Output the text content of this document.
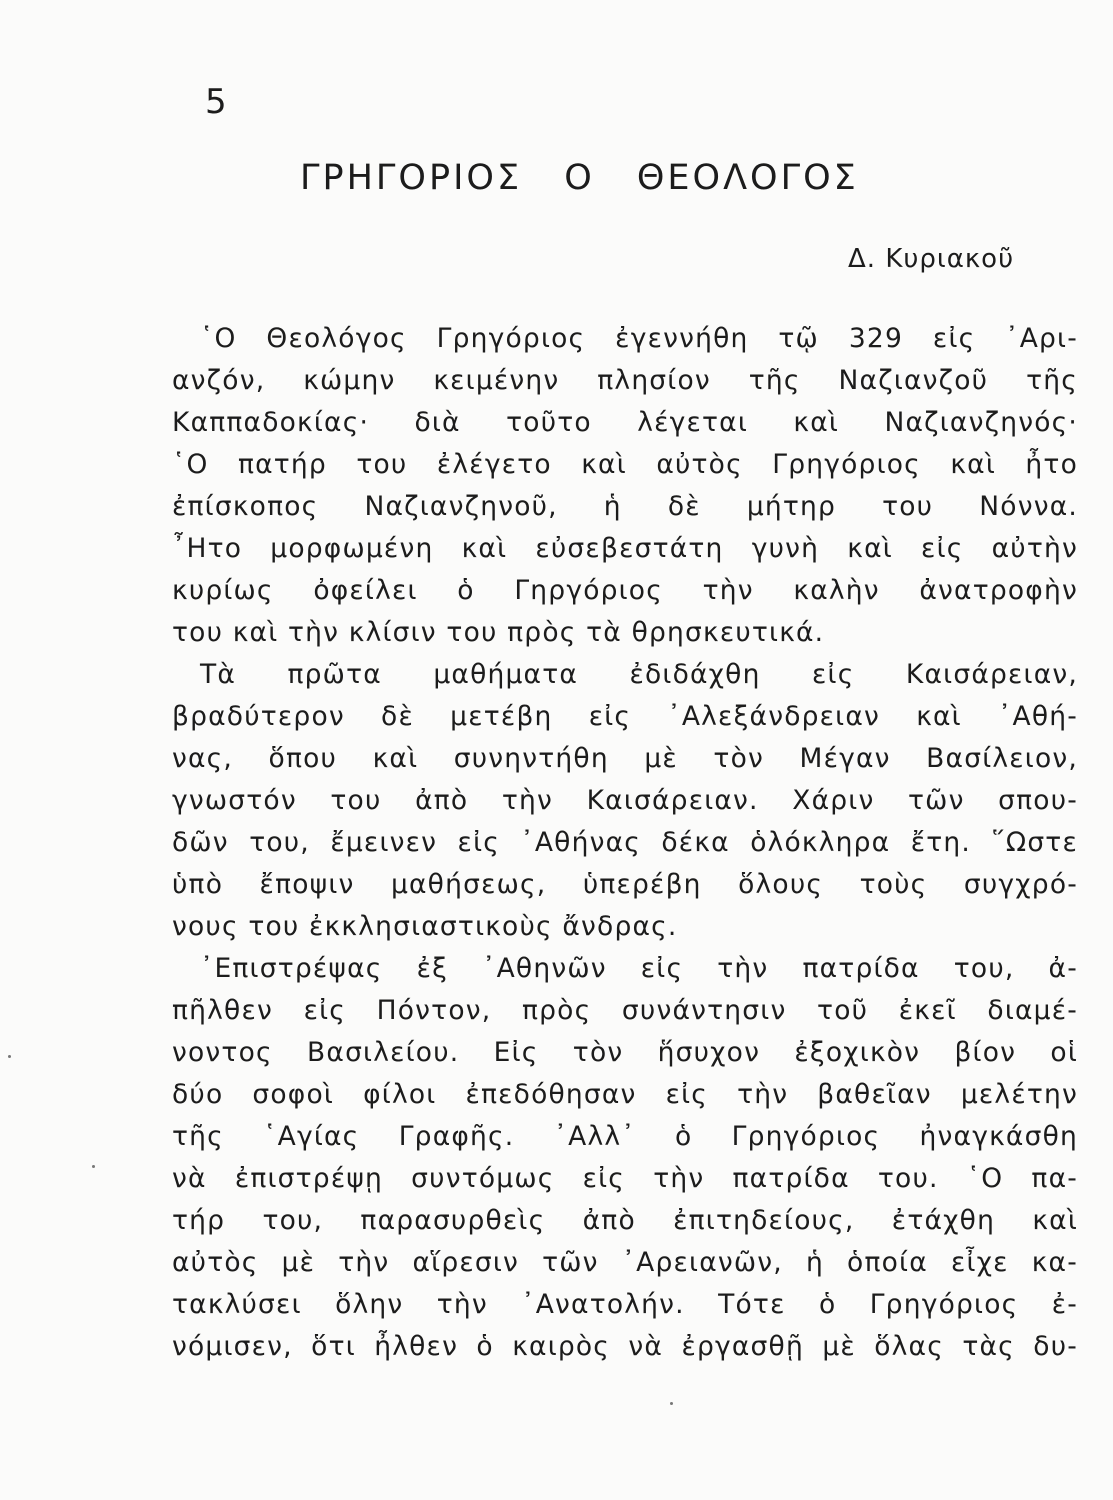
5
ΓΡΗΓΟΡΙΟΣ Ο ΘΕΟΛΟΓΟΣ
Δ. Κυριακοῦ
῾Ο Θεολόγος Γρηγόριος ἐγεννήθη τῷ 329 εἰς ᾿Αρι-
ανζόν, κώμην κειμένην πλησίον τῆς Ναζιανζοῦ τῆς
Καππαδοκίας· διὰ τοῦτο λέγεται καὶ Ναζιανζηνός·
῾Ο πατήρ του ἐλέγετο καὶ αὐτὸς Γρηγόριος καὶ ἦτο
ἐπίσκοπος Ναζιανζηνοῦ, ἡ δὲ μήτηρ του Νόννα.
῏Ητο μορφωμένη καὶ εὐσεβεστάτη γυνὴ καὶ εἰς αὐτὴν
κυρίως ὀφείλει ὁ Γηργόριος τὴν καλὴν ἀνατροφὴν
του καὶ τὴν κλίσιν του πρὸς τὰ θρησκευτικά.
Τὰ πρῶτα μαθήματα ἐδιδάχθη εἰς Καισάρειαν,
βραδύτερον δὲ μετέβη εἰς ᾿Αλεξάνδρειαν καὶ ᾿Αθή-
νας, ὅπου καὶ συνηντήθη μὲ τὸν Μέγαν Βασίλειον,
γνωστόν του ἀπὸ τὴν Καισάρειαν. Χάριν τῶν σπου-
δῶν του, ἔμεινεν εἰς ᾿Αθήνας δέκα ὁλόκληρα ἔτη. ῞Ωστε
ὑπὸ ἔποψιν μαθήσεως, ὑπερέβη ὅλους τοὺς συγχρό-
νους του ἐκκλησιαστικοὺς ἄνδρας.
᾿Επιστρέψας ἐξ ᾿Αθηνῶν εἰς τὴν πατρίδα του, ἀ-
πῆλθεν εἰς Πόντον, πρὸς συνάντησιν τοῦ ἐκεῖ διαμέ-
νοντος Βασιλείου. Εἰς τὸν ἥσυχον ἐξοχικὸν βίον οἱ
δύο σοφοὶ φίλοι ἐπεδόθησαν εἰς τὴν βαθεῖαν μελέτην
τῆς ῾Αγίας Γραφῆς. ᾿Αλλ᾿ ὁ Γρηγόριος ἠναγκάσθη
νὰ ἐπιστρέψῃ συντόμως εἰς τὴν πατρίδα του. ῾Ο πα-
τήρ του, παρασυρθεὶς ἀπὸ ἐπιτηδείους, ἐτάχθη καὶ
αὐτὸς μὲ τὴν αἵρεσιν τῶν ᾿Αρειανῶν, ἡ ὁποία εἶχε κα-
τακλύσει ὅλην τὴν ᾿Ανατολήν. Τότε ὁ Γρηγόριος ἐ-
νόμισεν, ὅτι ἦλθεν ὁ καιρὸς νὰ ἐργασθῇ μὲ ὅλας τὰς δυ-
